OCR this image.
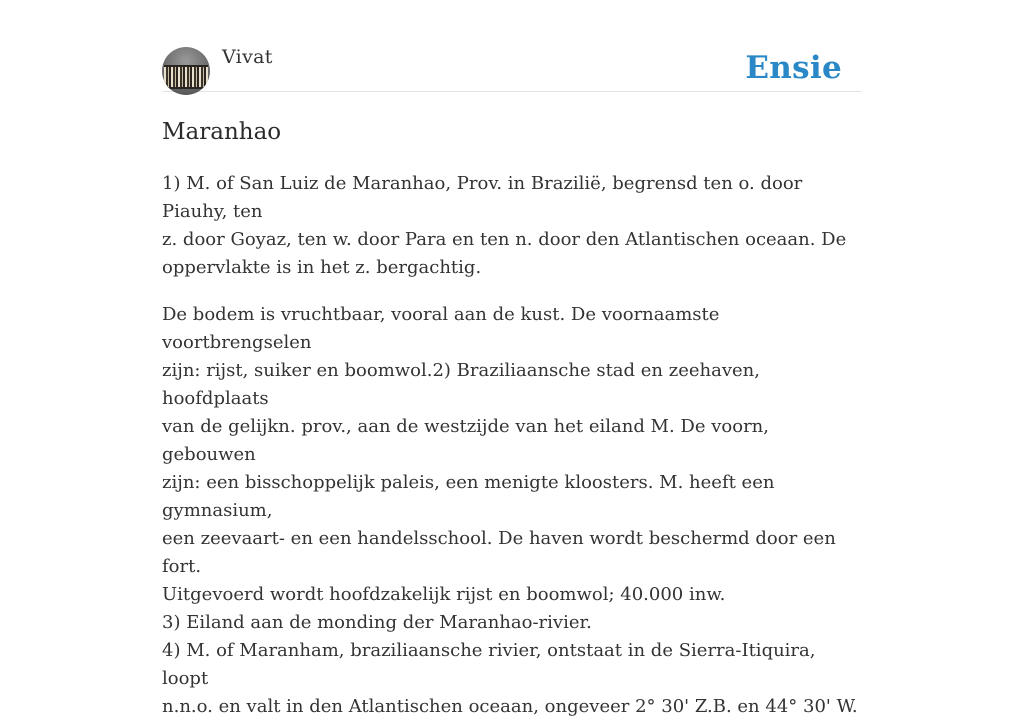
Vivat	Ensie
Maranhao

1) M. of San Luiz de Maranhao, Prov. in Brazilië, begrensd ten o. door Piauhy, ten
z. door Goyaz, ten w. door Para en ten n. door den Atlantischen oceaan. De
oppervlakte is in het z. bergachtig.

De bodem is vruchtbaar, vooral aan de kust. De voornaamste voortbrengselen
zijn: rijst, suiker en boomwol.2) Braziliaansche stad en zeehaven, hoofdplaats
van de gelijkn. prov., aan de westzijde van het eiland M. De voorn, gebouwen
zijn: een bisschoppelijk paleis, een menigte kloosters. M. heeft een gymnasium,
een zeevaart- en een handelsschool. De haven wordt beschermd door een fort.
Uitgevoerd wordt hoofdzakelijk rijst en boomwol; 40.000 inw.
3) Eiland aan de monding der Maranhao-rivier.
4) M. of Maranham, braziliaansche rivier, ontstaat in de Sierra-Itiquira, loopt
n.n.o. en valt in den Atlantischen oceaan, ongeveer 2° 30' Z.B. en 44° 30' W.
